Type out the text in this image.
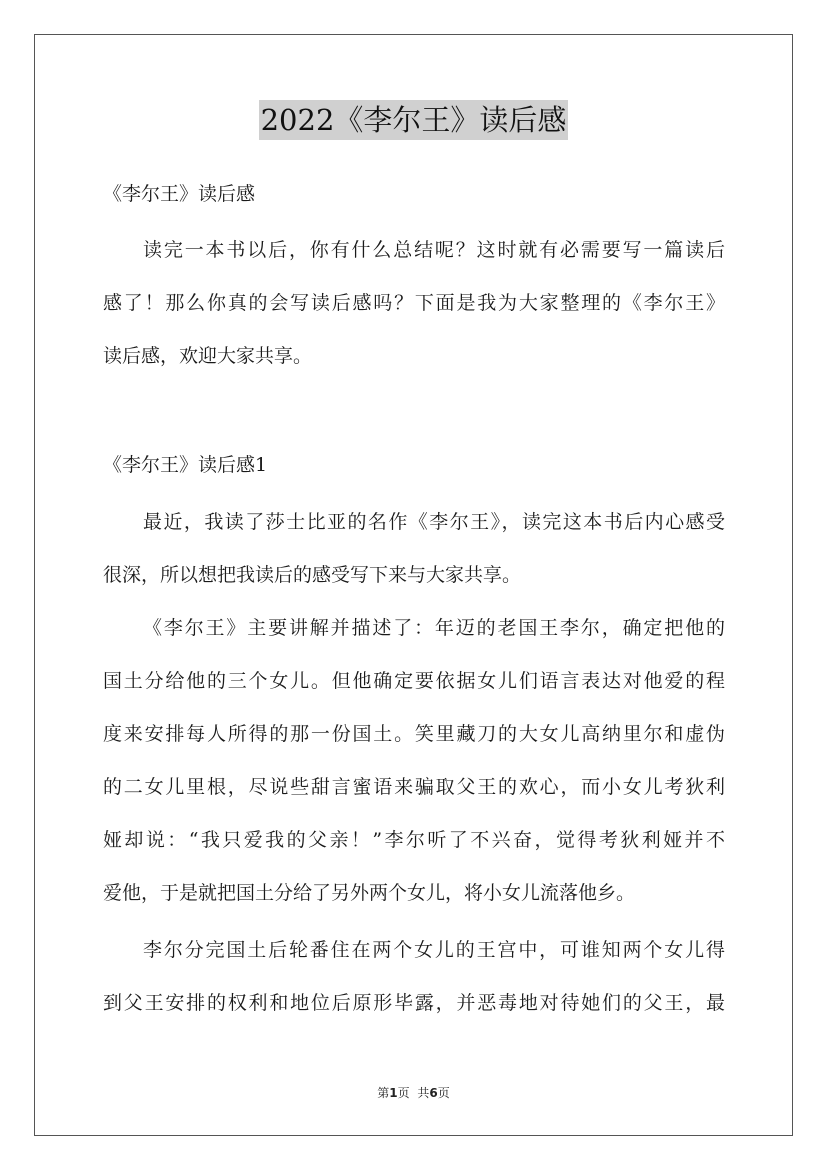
2022《李尔王》读后感
《李尔王》读后感
读完一本书以后，你有什么总结呢？这时就有必需要写一篇读后
感了！那么你真的会写读后感吗？下面是我为大家整理的《李尔王》
读后感，欢迎大家共享。
《李尔王》读后感1
最近，我读了莎士比亚的名作《李尔王》，读完这本书后内心感受
很深，所以想把我读后的感受写下来与大家共享。
《李尔王》主要讲解并描述了：年迈的老国王李尔，确定把他的
国土分给他的三个女儿。但他确定要依据女儿们语言表达对他爱的程
度来安排每人所得的那一份国土。笑里藏刀的大女儿高纳里尔和虚伪
的二女儿里根，尽说些甜言蜜语来骗取父王的欢心，而小女儿考狄利
娅却说：“我只爱我的父亲！”李尔听了不兴奋，觉得考狄利娅并不
爱他，于是就把国土分给了另外两个女儿，将小女儿流落他乡。
李尔分完国土后轮番住在两个女儿的王宫中，可谁知两个女儿得
到父王安排的权利和地位后原形毕露，并恶毒地对待她们的父王，最
第1页 共6页
